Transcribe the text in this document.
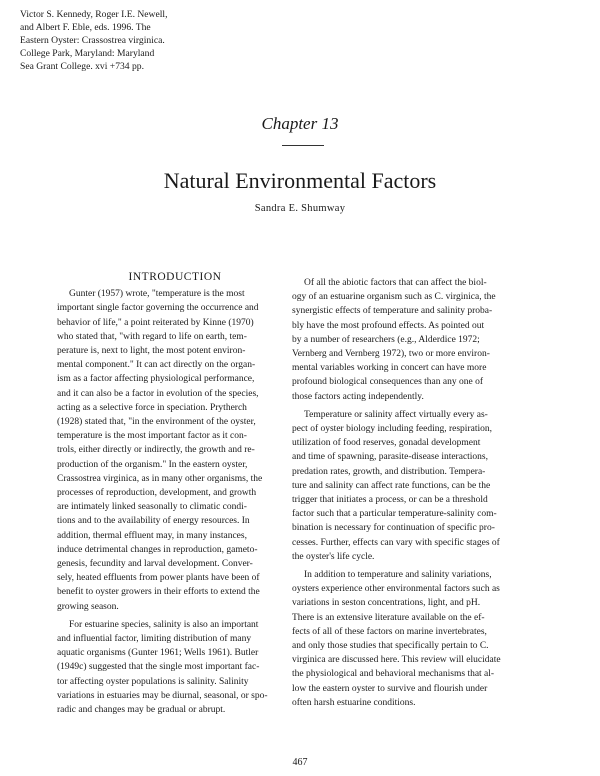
Victor S. Kennedy, Roger I.E. Newell,
and Albert F. Eble, eds. 1996. The
Eastern Oyster: Crassostrea virginica.
College Park, Maryland: Maryland
Sea Grant College. xvi +734 pp.
Chapter 13
Natural Environmental Factors
Sandra E. Shumway
INTRODUCTION
Gunter (1957) wrote, "temperature is the most
important single factor governing the occurrence and
behavior of life," a point reiterated by Kinne (1970)
who stated that, "with regard to life on earth, tem-
perature is, next to light, the most potent environ-
mental component." It can act directly on the organ-
ism as a factor affecting physiological performance,
and it can also be a factor in evolution of the species,
acting as a selective force in speciation. Prytherch
(1928) stated that, "in the environment of the oyster,
temperature is the most important factor as it con-
trols, either directly or indirectly, the growth and re-
production of the organism." In the eastern oyster,
Crassostrea virginica, as in many other organisms, the
processes of reproduction, development, and growth
are intimately linked seasonally to climatic condi-
tions and to the availability of energy resources. In
addition, thermal effluent may, in many instances,
induce detrimental changes in reproduction, gameto-
genesis, fecundity and larval development. Conver-
sely, heated effluents from power plants have been of
benefit to oyster growers in their efforts to extend the
growing season.
For estuarine species, salinity is also an important
and influential factor, limiting distribution of many
aquatic organisms (Gunter 1961; Wells 1961). Butler
(1949c) suggested that the single most important fac-
tor affecting oyster populations is salinity. Salinity
variations in estuaries may be diurnal, seasonal, or spo-
radic and changes may be gradual or abrupt.
Of all the abiotic factors that can affect the biol-
ogy of an estuarine organism such as C. virginica, the
synergistic effects of temperature and salinity proba-
bly have the most profound effects. As pointed out
by a number of researchers (e.g., Alderdice 1972;
Vernberg and Vernberg 1972), two or more environ-
mental variables working in concert can have more
profound biological consequences than any one of
those factors acting independently.
Temperature or salinity affect virtually every as-
pect of oyster biology including feeding, respiration,
utilization of food reserves, gonadal development
and time of spawning, parasite-disease interactions,
predation rates, growth, and distribution. Tempera-
ture and salinity can affect rate functions, can be the
trigger that initiates a process, or can be a threshold
factor such that a particular temperature-salinity com-
bination is necessary for continuation of specific pro-
cesses. Further, effects can vary with specific stages of
the oyster's life cycle.
In addition to temperature and salinity variations,
oysters experience other environmental factors such as
variations in seston concentrations, light, and pH.
There is an extensive literature available on the ef-
fects of all of these factors on marine invertebrates,
and only those studies that specifically pertain to C.
virginica are discussed here. This review will elucidate
the physiological and behavioral mechanisms that al-
low the eastern oyster to survive and flourish under
often harsh estuarine conditions.
467
